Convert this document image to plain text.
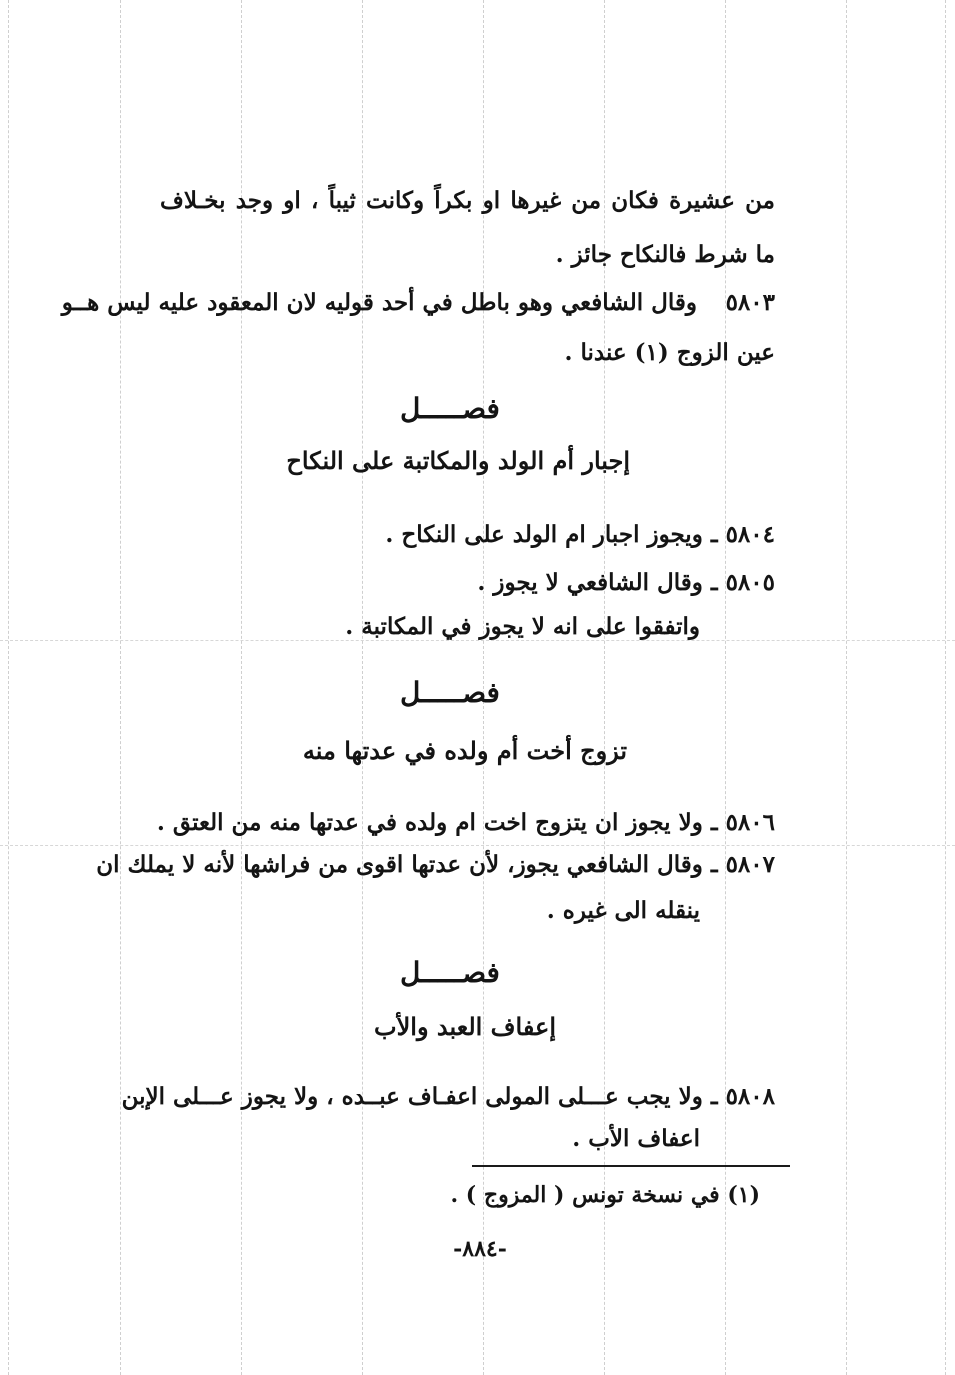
من عشيرة فكان من غيرها او بكراً وكانت ثيباً ، او وجد بخـلاف
ما شرط فالنكاح جائز .
٥٨٠٣
وقال الشافعي وهو باطل في أحد قوليه لان المعقود عليه ليس هــو
عين الزوج (١) عندنا .
فصـــــل
إجبار أم الولد والمكاتبة على النكاح
٥٨٠٤ ـ ويجوز اجبار ام الولد على النكاح .
٥٨٠٥ ـ وقال الشافعي لا يجوز .
واتفقوا على انه لا يجوز في المكاتبة .
فصـــــل
تزوج أخت أم ولده في عدتها منه
٥٨٠٦ ـ ولا يجوز ان يتزوج اخت ام ولده في عدتها منه من العتق .
٥٨٠٧ ـ وقال الشافعي يجوز، لأن عدتها اقوى من فراشها لأنه لا يملك ان
ينقله الى غيره .
فصـــــل
إعفاف العبد والأب
٥٨٠٨ ـ ولا يجب عـــلى المولى اعفـاف عبــده ، ولا يجوز عـــلى الإبن
اعفاف الأب .
(١) في نسخة تونس ( المزوج ) .
-٨٨٤-
